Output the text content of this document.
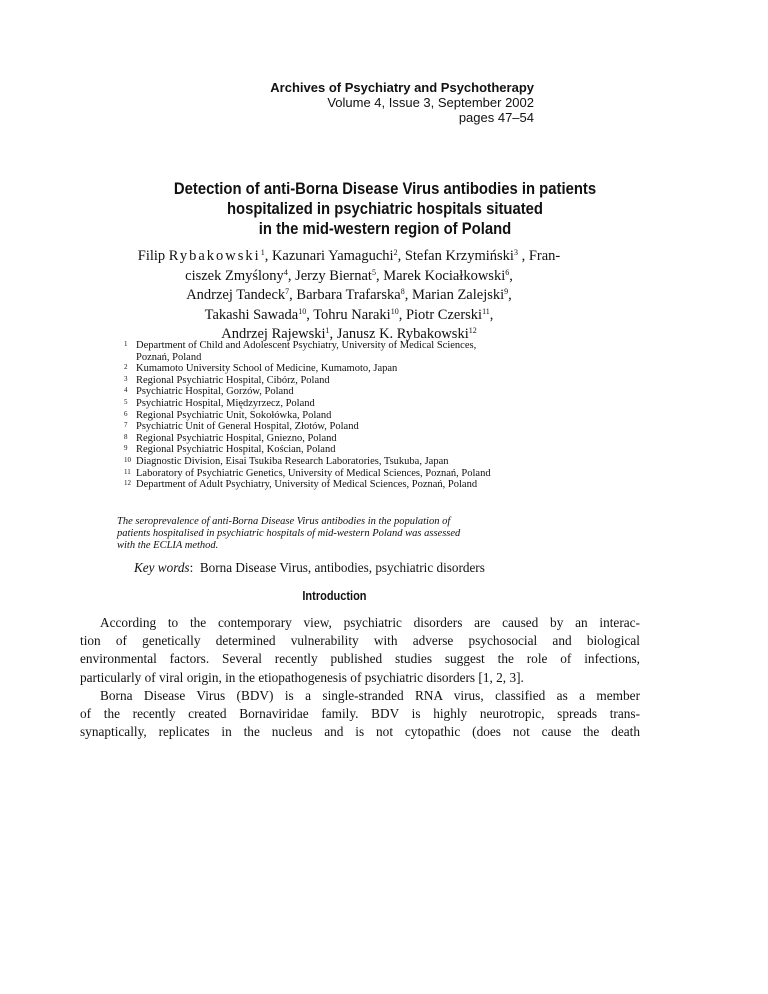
Archives of Psychiatry and Psychotherapy
Volume 4, Issue 3, September 2002
pages 47–54
Detection of anti-Borna Disease Virus antibodies in patients
hospitalized in psychiatric hospitals situated
in the mid-western region of Poland
Filip Rybakowski$^1$, Kazunari Yamaguchi$^2$, Stefan Krzymiński$^3$ , Fran-
ciszek Zmyślony$^4$, Jerzy Biernat$^5$, Marek Kociałkowski$^6$,
Andrzej Tandeck$^7$, Barbara Trafarska$^8$, Marian Zalejski$^9$,
Takashi Sawada$^{10}$, Tohru Naraki$^{10}$, Piotr Czerski$^{11}$,
Andrzej Rajewski$^1$, Janusz K. Rybakowski$^{12}$
1 Department of Child and Adolescent Psychiatry, University of Medical Sciences,
Poznań, Poland
2 Kumamoto University School of Medicine, Kumamoto, Japan
3 Regional Psychiatric Hospital, Cibórz, Poland
4 Psychiatric Hospital, Gorzów, Poland
5 Psychiatric Hospital, Międzyrzecz, Poland
6 Regional Psychiatric Unit, Sokołówka, Poland
7 Psychiatric Unit of General Hospital, Złotów, Poland
8 Regional Psychiatric Hospital, Gniezno, Poland
9 Regional Psychiatric Hospital, Kościan, Poland
10 Diagnostic Division, Eisai Tsukiba Research Laboratories, Tsukuba, Japan
11 Laboratory of Psychiatric Genetics, University of Medical Sciences, Poznań, Poland
12 Department of Adult Psychiatry, University of Medical Sciences, Poznań, Poland
The seroprevalence of anti-Borna Disease Virus antibodies in the population of
patients hospitalised in psychiatric hospitals of mid-western Poland was assessed
with the ECLIA method.
Key words: Borna Disease Virus, antibodies, psychiatric disorders
Introduction
According to the contemporary view, psychiatric disorders are caused by an interac-
tion of genetically determined vulnerability with adverse psychosocial and biological
environmental factors. Several recently published studies suggest the role of infections,
particularly of viral origin, in the etiopathogenesis of psychiatric disorders [1, 2, 3].
Borna Disease Virus (BDV) is a single-stranded RNA virus, classified as a member
of the recently created Bornaviridae family. BDV is highly neurotropic, spreads trans-
synaptically, replicates in the nucleus and is not cytopathic (does not cause the death
